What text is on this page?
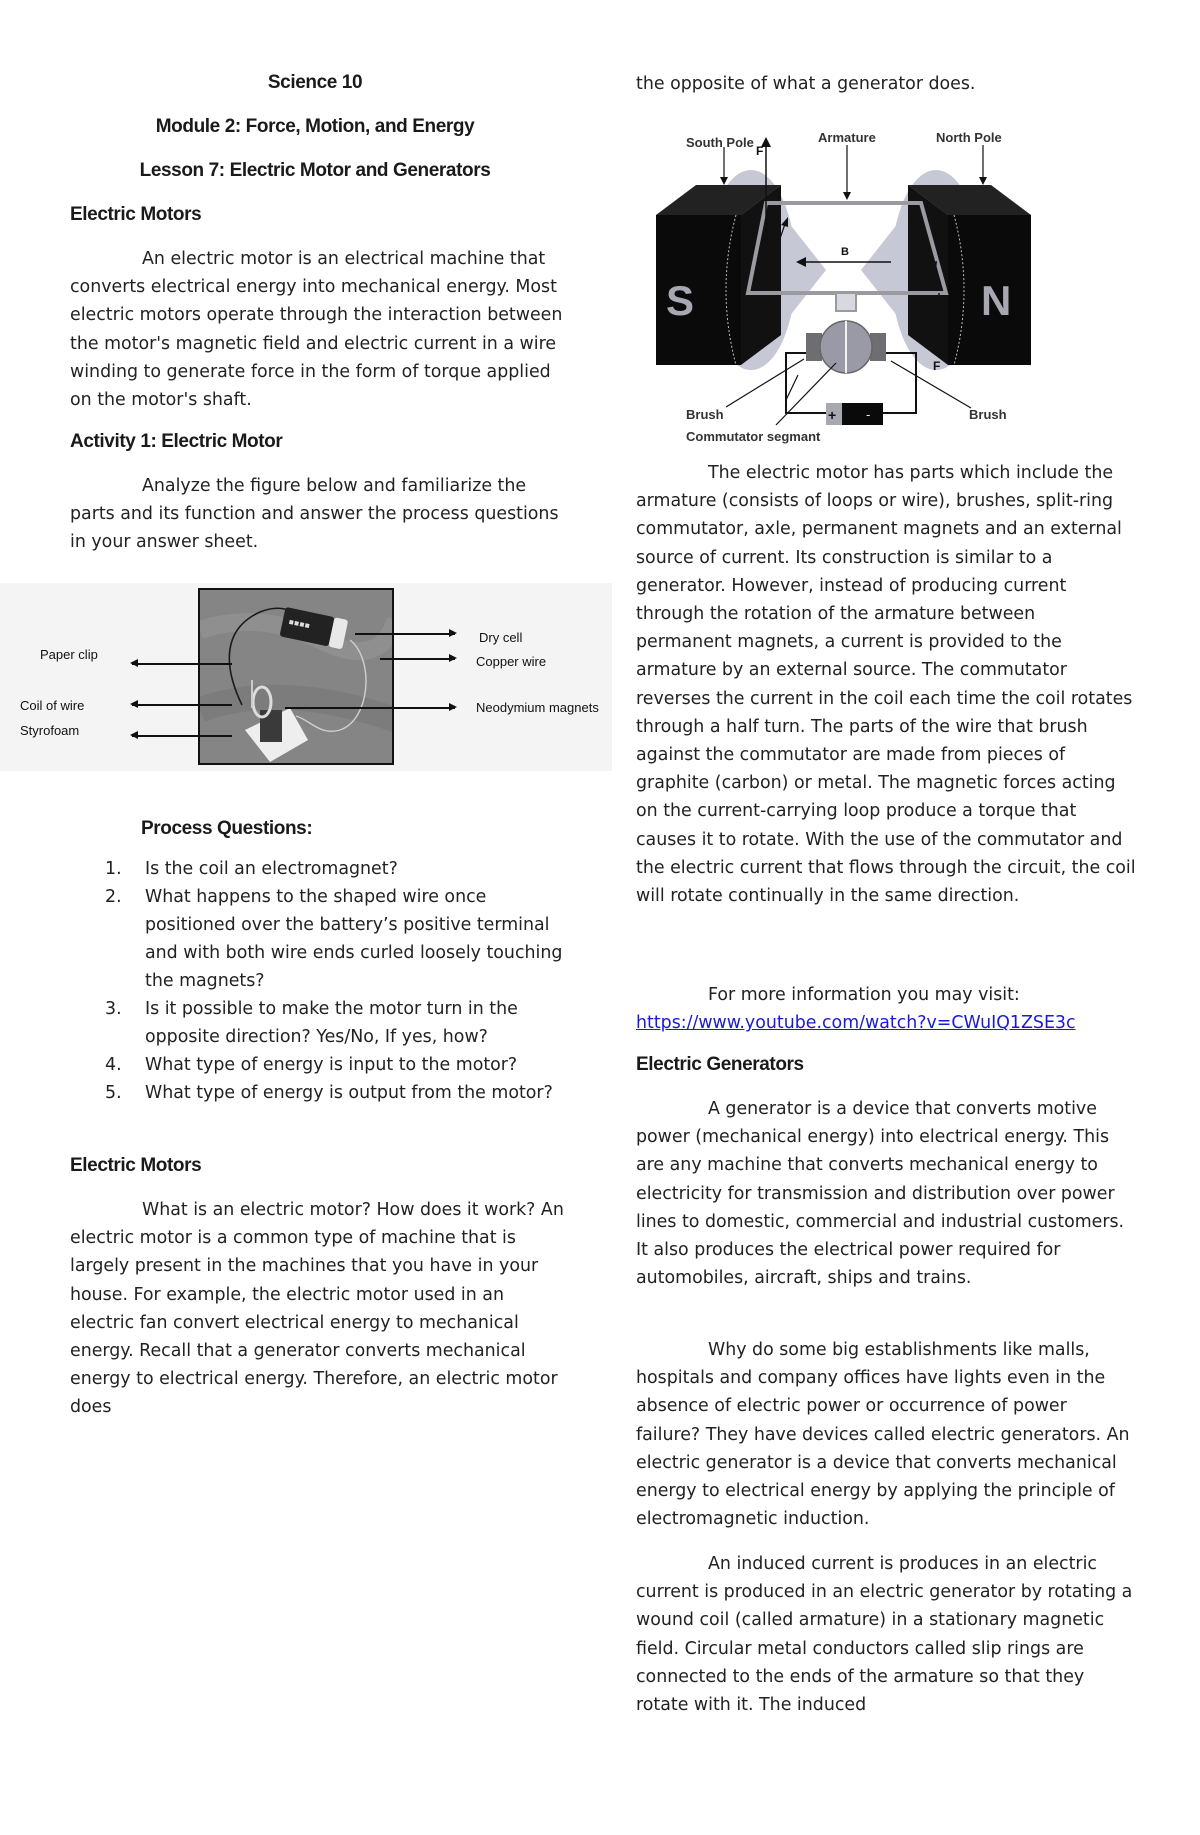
Science 10
Module 2: Force, Motion, and Energy
Lesson 7: Electric Motor and Generators
Electric Motors
An electric motor is an electrical machine that converts electrical energy into mechanical energy. Most electric motors operate through the interaction between the motor's magnetic field and electric current in a wire winding to generate force in the form of torque applied on the motor's shaft.
Activity 1: Electric Motor
Analyze the figure below and familiarize the parts and its function and answer the process questions in your answer sheet.
▪▪▪▪
Paper clip
Coil of wire
Styrofoam
Dry cell
Copper wire
Neodymium magnets
Process Questions:
1. Is the coil an electromagnet?
2. What happens to the shaped wire once positioned over the battery’s positive terminal and with both wire ends curled loosely touching the magnets?
3. Is it possible to make the motor turn in the opposite direction? Yes/No, If yes, how?
4. What type of energy is input to the motor?
5. What type of energy is output from the motor?
Electric Motors
What is an electric motor? How does it work? An electric motor is a common type of machine that is largely present in the machines that you have in your house. For example, the electric motor used in an electric fan convert electrical energy to mechanical energy. Recall that a generator converts mechanical energy to electrical energy. Therefore, an electric motor does
the opposite of what a generator does.
S	N
+ -
B
I
I
F
F
South Pole	Armature	North Pole
Brush	Brush
Commutator segmant
The electric motor has parts which include the armature (consists of loops or wire), brushes, split-ring commutator, axle, permanent magnets and an external source of current. Its construction is similar to a generator. However, instead of producing current through the rotation of the armature between permanent magnets, a current is provided to the armature by an external source. The commutator reverses the current in the coil each time the coil rotates through a half turn. The parts of the wire that brush against the commutator are made from pieces of graphite (carbon) or metal. The magnetic forces acting on the current-carrying loop produce a torque that causes it to rotate. With the use of the commutator and the electric current that flows through the circuit, the coil will rotate continually in the same direction.
For more information you may visit:
https://www.youtube.com/watch?v=CWuIQ1ZSE3c
Electric Generators
A generator is a device that converts motive power (mechanical energy) into electrical energy. This are any machine that converts mechanical energy to electricity for transmission and distribution over power lines to domestic, commercial and industrial customers. It also produces the electrical power required for automobiles, aircraft, ships and trains.
Why do some big establishments like malls, hospitals and company offices have lights even in the absence of electric power or occurrence of power failure? They have devices called electric generators. An electric generator is a device that converts mechanical energy to electrical energy by applying the principle of electromagnetic induction.
An induced current is produces in an electric current is produced in an electric generator by rotating a wound coil (called armature) in a stationary magnetic field. Circular metal conductors called slip rings are connected to the ends of the armature so that they rotate with it. The induced
